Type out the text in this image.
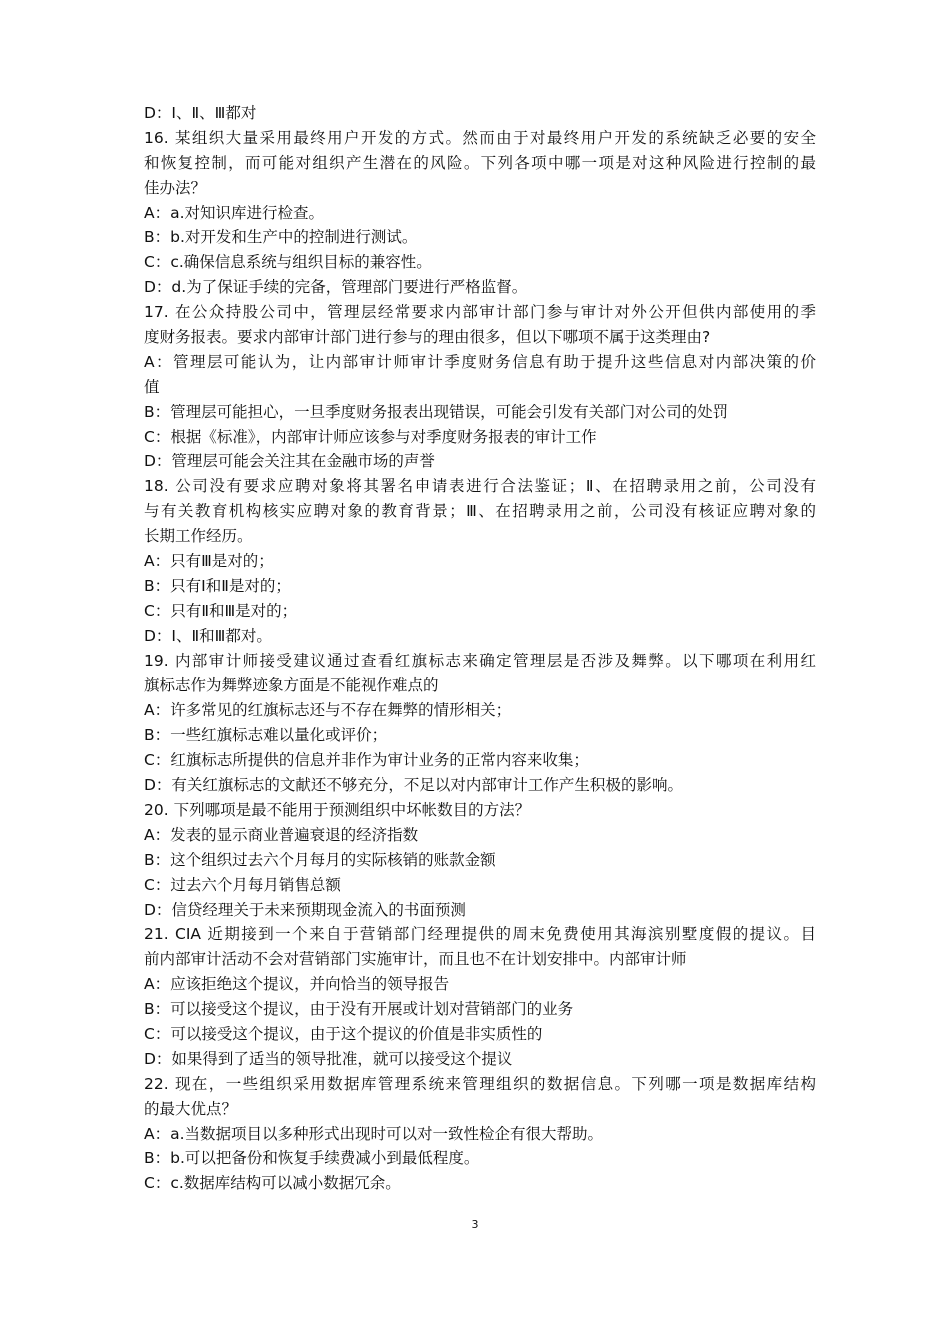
D：Ⅰ、Ⅱ、Ⅲ都对
16. 某组织大量采用最终用户开发的方式。然而由于对最终用户开发的系统缺乏必要的安全
和恢复控制，而可能对组织产生潜在的风险。下列各项中哪一项是对这种风险进行控制的最
佳办法？
A：a.对知识库进行检查。
B：b.对开发和生产中的控制进行测试。
C：c.确保信息系统与组织目标的兼容性。
D：d.为了保证手续的完备，管理部门要进行严格监督。
17. 在公众持股公司中，管理层经常要求内部审计部门参与审计对外公开但供内部使用的季
度财务报表。要求内部审计部门进行参与的理由很多，但以下哪项不属于这类理由?
A：管理层可能认为，让内部审计师审计季度财务信息有助于提升这些信息对内部决策的价
值
B：管理层可能担心，一旦季度财务报表出现错误，可能会引发有关部门对公司的处罚
C：根据《标准》，内部审计师应该参与对季度财务报表的审计工作
D：管理层可能会关注其在金融市场的声誉
18. 公司没有要求应聘对象将其署名申请表进行合法鉴证；Ⅱ、在招聘录用之前，公司没有
与有关教育机构核实应聘对象的教育背景；Ⅲ、在招聘录用之前，公司没有核证应聘对象的
长期工作经历。
A：只有Ⅲ是对的；
B：只有Ⅰ和Ⅱ是对的；
C：只有Ⅱ和Ⅲ是对的；
D：Ⅰ、Ⅱ和Ⅲ都对。
19. 内部审计师接受建议通过查看红旗标志来确定管理层是否涉及舞弊。以下哪项在利用红
旗标志作为舞弊迹象方面是不能视作难点的
A：许多常见的红旗标志还与不存在舞弊的情形相关；
B：一些红旗标志难以量化或评价；
C：红旗标志所提供的信息并非作为审计业务的正常内容来收集；
D：有关红旗标志的文献还不够充分，不足以对内部审计工作产生积极的影响。
20. 下列哪项是最不能用于预测组织中坏帐数目的方法？
A：发表的显示商业普遍衰退的经济指数
B：这个组织过去六个月每月的实际核销的账款金额
C：过去六个月每月销售总额
D：信贷经理关于未来预期现金流入的书面预测
21. CIA 近期接到一个来自于营销部门经理提供的周末免费使用其海滨别墅度假的提议。目
前内部审计活动不会对营销部门实施审计，而且也不在计划安排中。内部审计师
A：应该拒绝这个提议，并向恰当的领导报告
B：可以接受这个提议，由于没有开展或计划对营销部门的业务
C：可以接受这个提议，由于这个提议的价值是非实质性的
D：如果得到了适当的领导批准，就可以接受这个提议
22. 现在，一些组织采用数据库管理系统来管理组织的数据信息。下列哪一项是数据库结构
的最大优点？
A：a.当数据项目以多种形式出现时可以对一致性检企有很大帮助。
B：b.可以把备份和恢复手续费减小到最低程度。
C：c.数据库结构可以减小数据冗余。
3
